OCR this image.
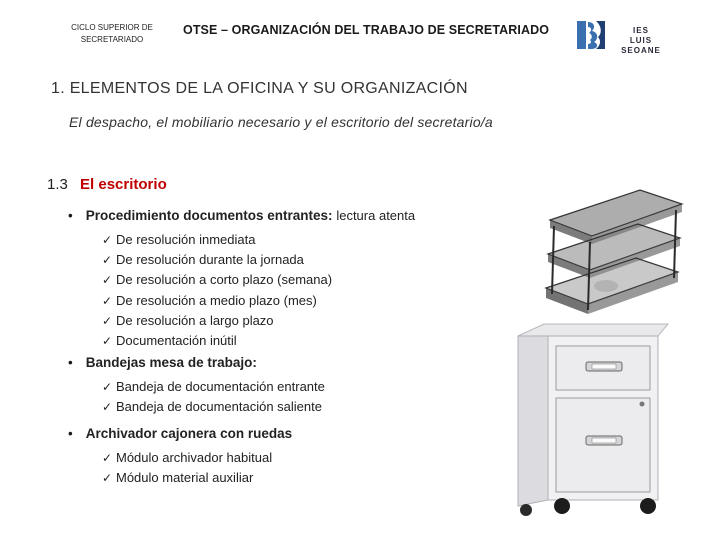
CICLO SUPERIOR DE
SECRETARIADO
OTSE – ORGANIZACIÓN DEL TRABAJO DE SECRETARIADO	IES
LUIS SEOANE
1. ELEMENTOS DE LA OFICINA Y SU ORGANIZACIÓN
El despacho, el mobiliario necesario y el escritorio del secretario/a
1.3 El escritorio
• Procedimiento documentos entrantes: lectura atenta
✓ De resolución inmediata
✓ De resolución durante la jornada
✓ De resolución a corto plazo (semana)
✓ De resolución a medio plazo (mes)
✓ De resolución a largo plazo
✓ Documentación inútil
• Bandejas mesa de trabajo:
✓ Bandeja de documentación entrante
✓ Bandeja de documentación saliente
• Archivador cajonera con ruedas
✓ Módulo archivador habitual
✓ Módulo material auxiliar
